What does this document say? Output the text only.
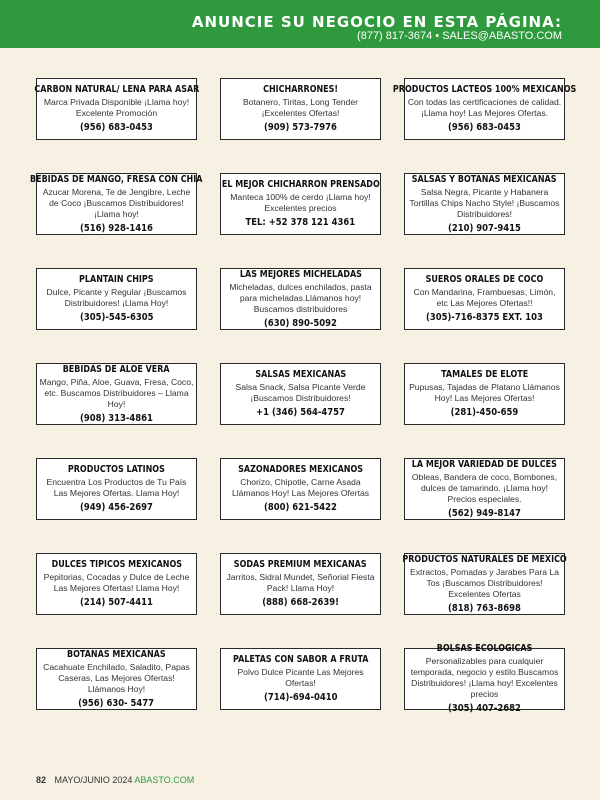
ANUNCIE SU NEGOCIO EN ESTA PÁGINA:
(877) 817-3674 • SALES@ABASTO.COM
CARBON NATURAL/ LEÑA PARA ASAR
Marca Privada Disponible ¡Llama hoy! Excelente Promoción
(956) 683-0453
CHICHARRONES!
Botanero, Tiritas, Long Tender ¡Excelentes Ofertas!
(909) 573-7976
PRODUCTOS LACTEOS 100% MEXICANOS
Con todas las certificaciones de calidad. ¡Llama hoy! Las Mejores Ofertas.
(956) 683-0453
BEBIDAS DE MANGO, FRESA CON CHIA
Azucar Morena, Te de Jengibre, Leche de Coco ¡Buscamos Distribuidores! ¡Llama hoy!
(516) 928-1416
EL MEJOR CHICHARRON PRENSADO
Manteca 100% de cerdo ¡Llama hoy! Excelentes precios
TEL: +52 378 121 4361
SALSAS Y BOTANAS MEXICANAS
Salsa Negra, Picante y Habanera Tortillas Chips Nacho Style! ¡Buscamos Distribuidores!
(210) 907-9415
PLANTAIN CHIPS
Dulce, Picante y Regular ¡Buscamos Distribuidores! ¡Llama Hoy!
(305)-545-6305
LAS MEJORES MICHELADAS
Micheladas, dulces enchilados, pasta para micheladas.Llámanos hoy! Buscamos distribuidores
(630) 890-5092
SUEROS ORALES DE COCO
Con Mandarina, Frambuesas, Limón, etc Las Mejores Ofertas!!
(305)-716-8375 EXT. 103
BEBIDAS DE ALOE VERA
Mango, Piña, Aloe, Guava, Fresa, Coco, etc. Buscamos Distribuidores – Llama Hoy!
(908) 313-4861
SALSAS MEXICANAS
Salsa Snack, Salsa Picante Verde ¡Buscamos Distribuidores!
+1 (346) 564-4757
TAMALES DE ELOTE
Pupusas, Tajadas de Platano Llámanos Hoy! Las Mejores Ofertas!
(281)-450-659
PRODUCTOS LATINOS
Encuentra Los Productos de Tu País Las Mejores Ofertas. Llama Hoy!
(949) 456-2697
SAZONADORES MEXICANOS
Chorizo, Chipotle, Carne Asada Llámanos Hoy! Las Mejores Ofertas
(800) 621-5422
LA MEJOR VARIEDAD DE DULCES
Obleas, Bandera de coco, Bombones, dulces de tamarindo. ¡Llama hoy! Precios especiales.
(562) 949-8147
DULCES TIPICOS MEXICANOS
Pepitorias, Cocadas y Dulce de Leche Las Mejores Ofertas! Llama Hoy!
(214) 507-4411
SODAS PREMIUM MEXICANAS
Jarritos, Sidral Mundet, Señorial Fiesta Pack! Llama Hoy!
(888) 668-2639!
PRODUCTOS NATURALES DE MEXICO
Extractos, Pomadas y Jarabes Para La Tos ¡Buscamos Distribuidores! Excelentes Ofertas
(818) 763-8698
BOTANAS MEXICANAS
Cacahuate Enchilado, Saladito, Papas Caseras, Las Mejores Ofertas! Llámanos Hoy!
(956) 630- 5477
PALETAS CON SABOR A FRUTA
Polvo Dulce Picante Las Mejores Ofertas!
(714)-694-0410
BOLSAS ECOLOGICAS
Personalizables para cualquier temporada, negocio y estilo.Buscamos Distribuidores! ¡Llama hoy! Excelentes precios
(305) 407-2682
82 MAYO/JUNIO 2024 ABASTO.COM
